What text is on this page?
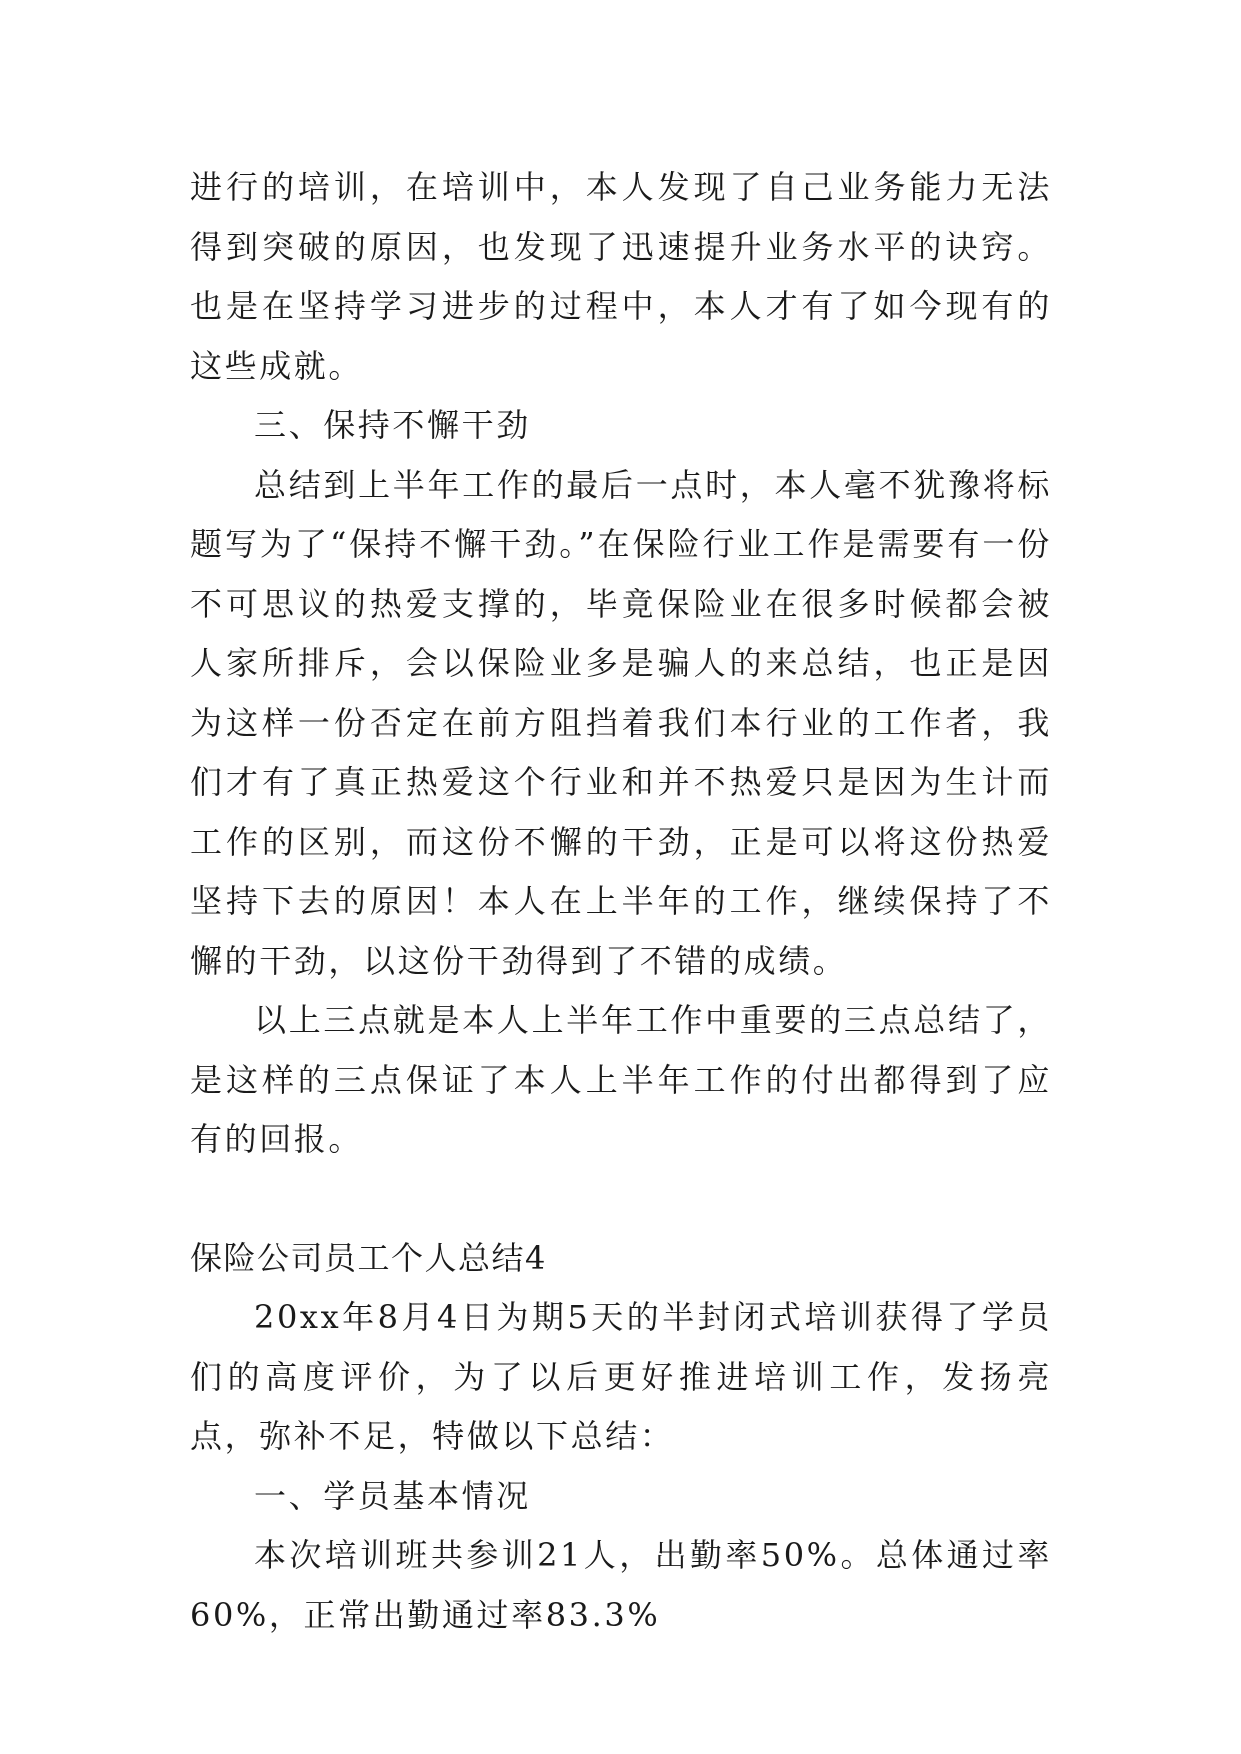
进行的培训，在培训中，本人发现了自己业务能力无法得到突破的原因，也发现了迅速提升业务水平的诀窍。也是在坚持学习进步的过程中，本人才有了如今现有的这些成就。

三、保持不懈干劲

总结到上半年工作的最后一点时，本人毫不犹豫将标题写为了“保持不懈干劲。”在保险行业工作是需要有一份不可思议的热爱支撑的，毕竟保险业在很多时候都会被人家所排斥，会以保险业多是骗人的来总结，也正是因为这样一份否定在前方阻挡着我们本行业的工作者，我们才有了真正热爱这个行业和并不热爱只是因为生计而工作的区别，而这份不懈的干劲，正是可以将这份热爱坚持下去的原因！本人在上半年的工作，继续保持了不懈的干劲，以这份干劲得到了不错的成绩。

以上三点就是本人上半年工作中重要的三点总结了，是这样的三点保证了本人上半年工作的付出都得到了应有的回报。

保险公司员工个人总结4

20xx年8月4日为期5天的半封闭式培训获得了学员们的高度评价，为了以后更好推进培训工作，发扬亮点，弥补不足，特做以下总结：

一、学员基本情况

本次培训班共参训21人，出勤率50%。总体通过率60%，正常出勤通过率83.3%
